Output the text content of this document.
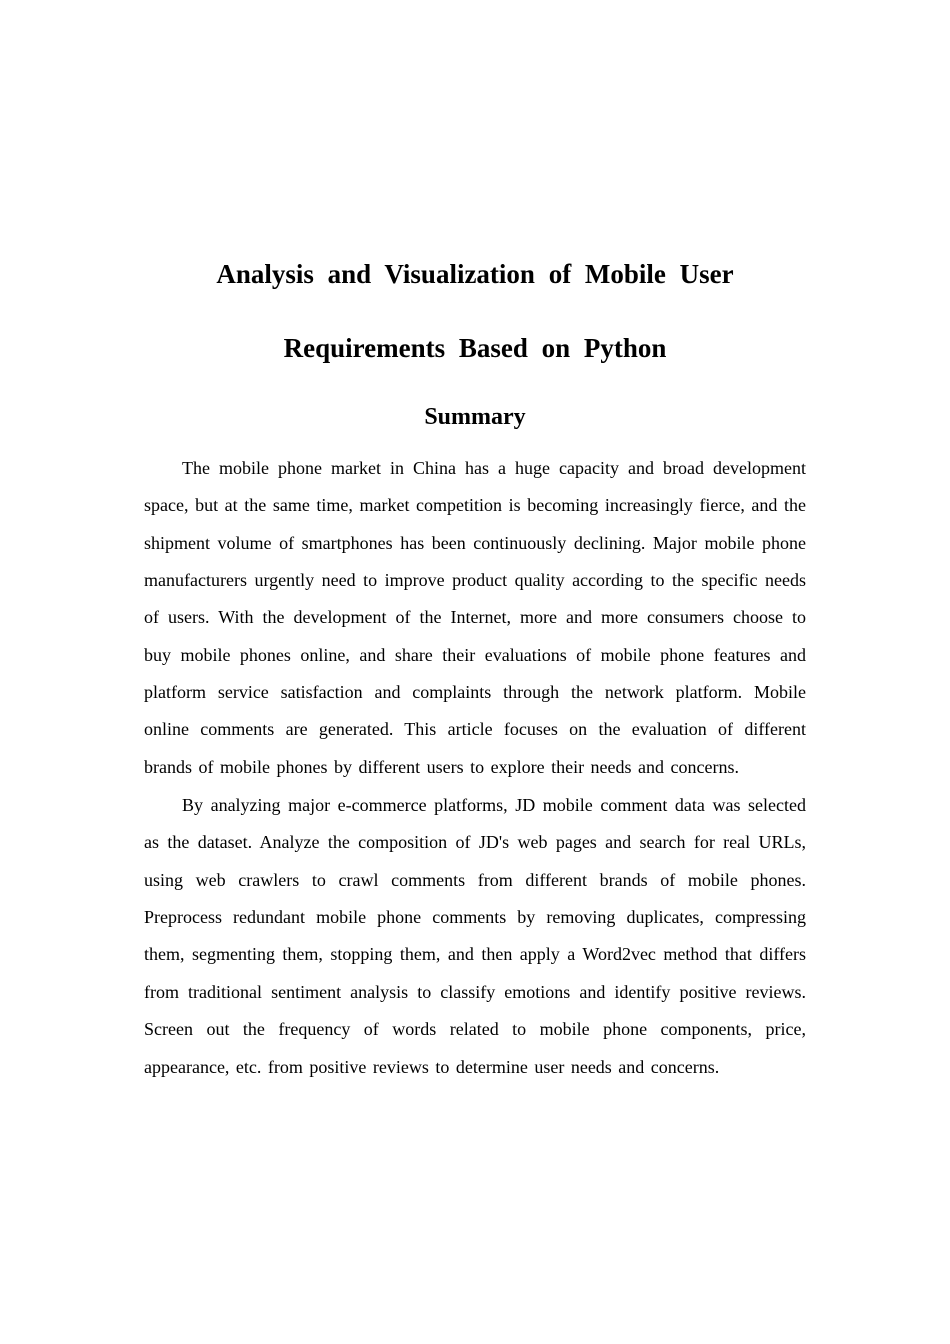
Analysis and Visualization of Mobile User
Requirements Based on Python
Summary

The mobile phone market in China has a huge capacity and broad development space, but at the same time, market competition is becoming increasingly fierce, and the shipment volume of smartphones has been continuously declining. Major mobile phone manufacturers urgently need to improve product quality according to the specific needs of users. With the development of the Internet, more and more consumers choose to buy mobile phones online, and share their evaluations of mobile phone features and platform service satisfaction and complaints through the network platform. Mobile online comments are generated. This article focuses on the evaluation of different brands of mobile phones by different users to explore their needs and concerns.

By analyzing major e-commerce platforms, JD mobile comment data was selected as the dataset. Analyze the composition of JD's web pages and search for real URLs, using web crawlers to crawl comments from different brands of mobile phones. Preprocess redundant mobile phone comments by removing duplicates, compressing them, segmenting them, stopping them, and then apply a Word2vec method that differs from traditional sentiment analysis to classify emotions and identify positive reviews. Screen out the frequency of words related to mobile phone components, price, appearance, etc. from positive reviews to determine user needs and concerns.
